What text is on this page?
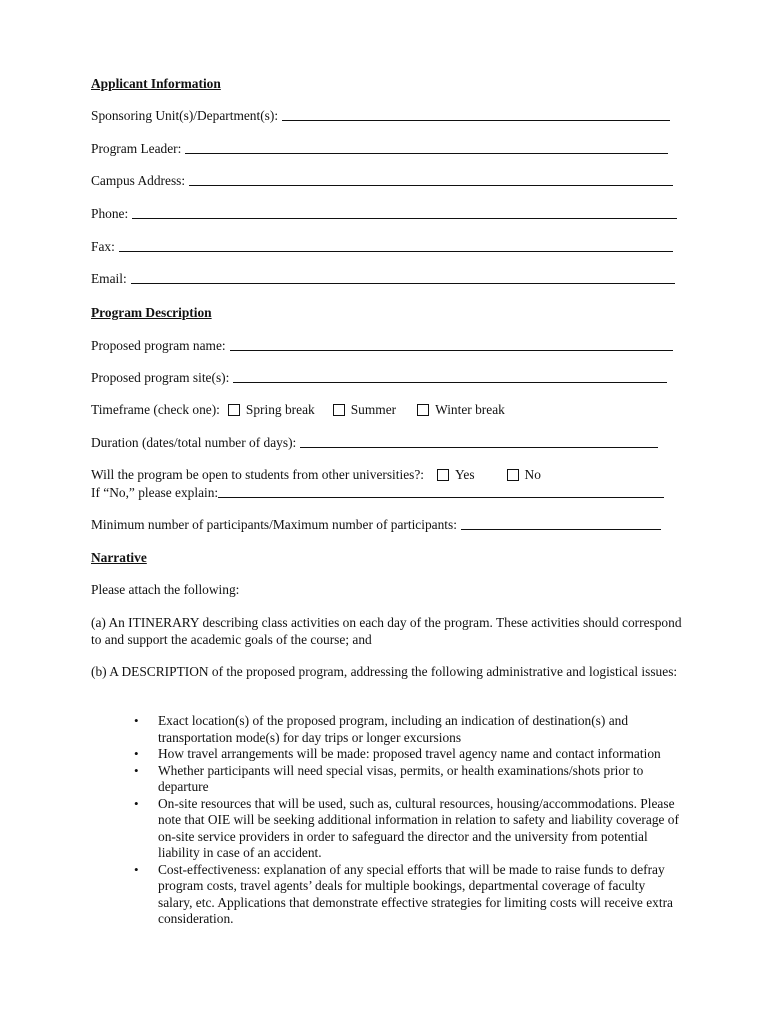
Applicant Information
Sponsoring Unit(s)/Department(s):
Program Leader:
Campus Address:
Phone:
Fax:
Email:
Program Description
Proposed program name:
Proposed program site(s):
Timeframe (check one): Spring break	Summer	Winter break
Duration (dates/total number of days):
Will the program be open to students from other universities?: Yes	No
If “No,” please explain:
Minimum number of participants/Maximum number of participants:
Narrative
Please attach the following:
(a) An ITINERARY describing class activities on each day of the program. These activities should correspond to and support the academic goals of the course; and
(b) A DESCRIPTION of the proposed program, addressing the following administrative and logistical issues:
• Exact location(s) of the proposed program, including an indication of destination(s) and transportation mode(s) for day trips or longer excursions
• How travel arrangements will be made: proposed travel agency name and contact information
• Whether participants will need special visas, permits, or health examinations/shots prior to departure
• On-site resources that will be used, such as, cultural resources, housing/accommodations. Please note that OIE will be seeking additional information in relation to safety and liability coverage of on-site service providers in order to safeguard the director and the university from potential liability in case of an accident.
• Cost-effectiveness: explanation of any special efforts that will be made to raise funds to defray program costs, travel agents’ deals for multiple bookings, departmental coverage of faculty salary, etc. Applications that demonstrate effective strategies for limiting costs will receive extra consideration.
